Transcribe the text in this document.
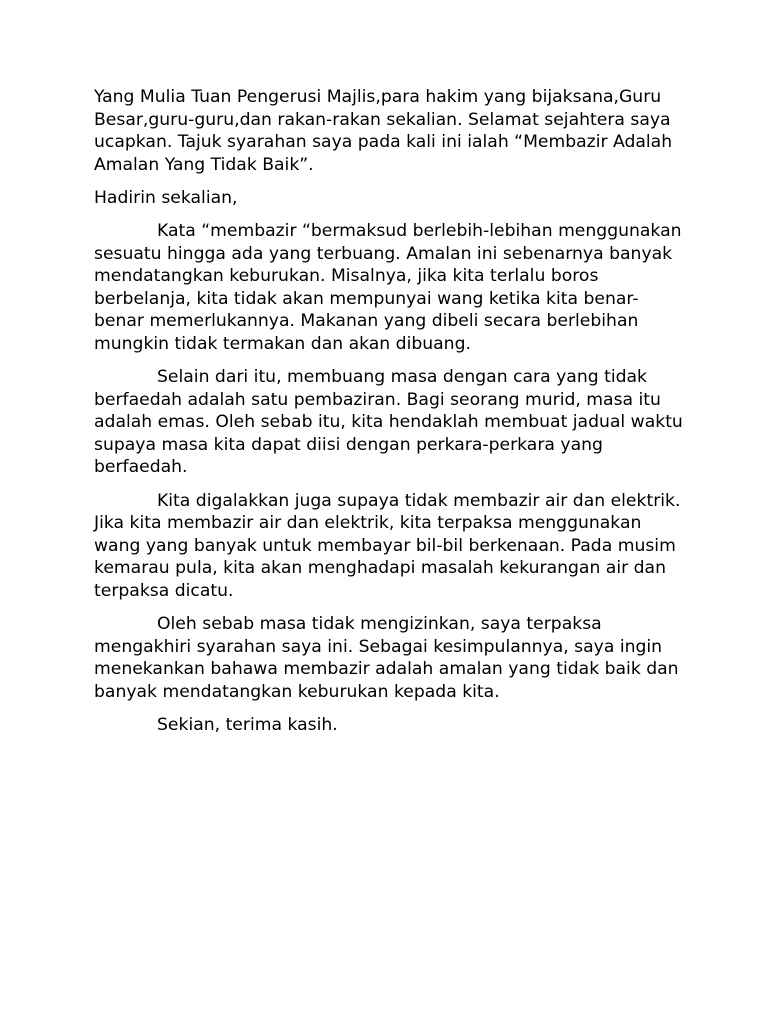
Yang Mulia Tuan Pengerusi Majlis,para hakim yang bijaksana,Guru Besar,guru-guru,dan rakan-rakan sekalian. Selamat sejahtera saya ucapkan. Tajuk syarahan saya pada kali ini ialah “Membazir Adalah Amalan Yang Tidak Baik”.

Hadirin sekalian,

Kata “membazir “bermaksud berlebih-lebihan menggunakan sesuatu hingga ada yang terbuang. Amalan ini sebenarnya banyak mendatangkan keburukan. Misalnya, jika kita terlalu boros berbelanja, kita tidak akan mempunyai wang ketika kita benar-benar memerlukannya. Makanan yang dibeli secara berlebihan mungkin tidak termakan dan akan dibuang.

Selain dari itu, membuang masa dengan cara yang tidak berfaedah adalah satu pembaziran. Bagi seorang murid, masa itu adalah emas. Oleh sebab itu, kita hendaklah membuat jadual waktu supaya masa kita dapat diisi dengan perkara-perkara yang berfaedah.

Kita digalakkan juga supaya tidak membazir air dan elektrik. Jika kita membazir air dan elektrik, kita terpaksa menggunakan wang yang banyak untuk membayar bil-bil berkenaan. Pada musim kemarau pula, kita akan menghadapi masalah kekurangan air dan terpaksa dicatu.

Oleh sebab masa tidak mengizinkan, saya terpaksa mengakhiri syarahan saya ini. Sebagai kesimpulannya, saya ingin menekankan bahawa membazir adalah amalan yang tidak baik dan banyak mendatangkan keburukan kepada kita.

Sekian, terima kasih.
